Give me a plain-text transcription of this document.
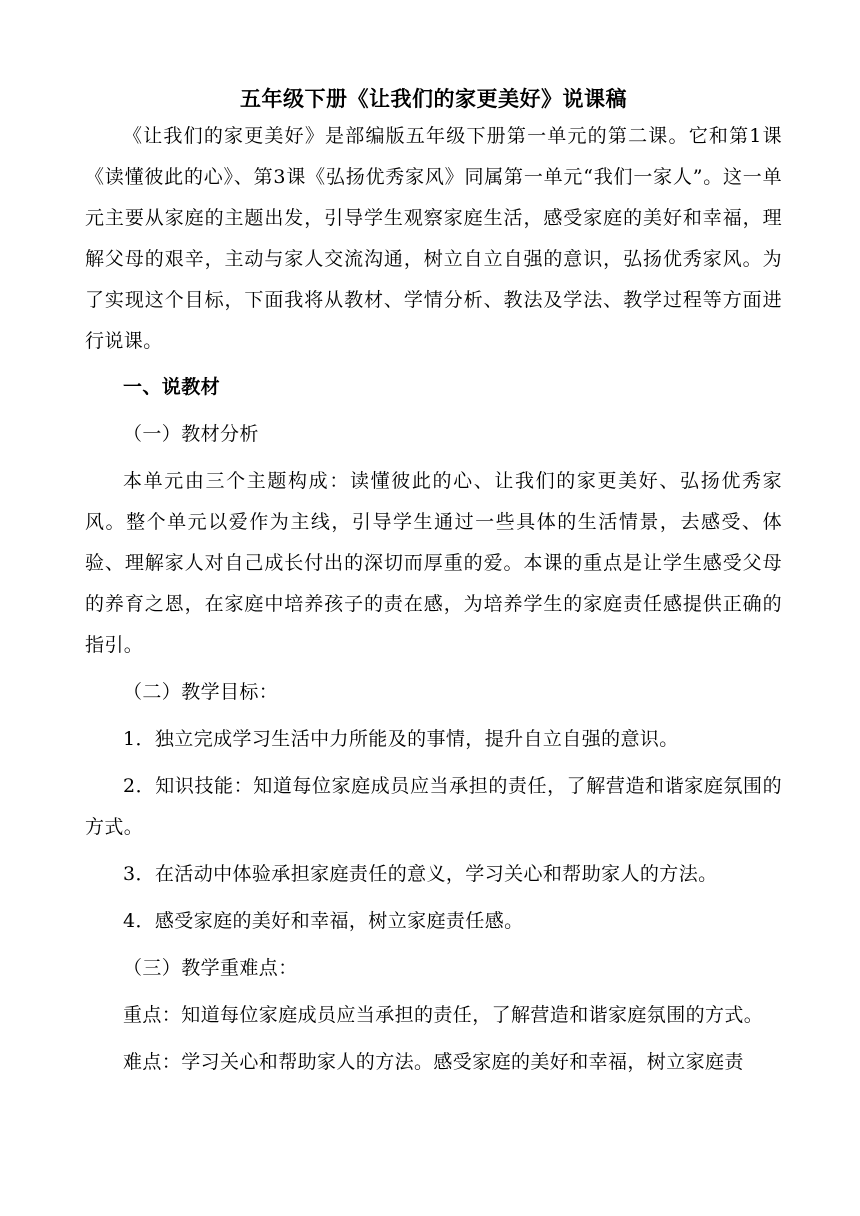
五年级下册《让我们的家更美好》说课稿

《让我们的家更美好》是部编版五年级下册第一单元的第二课。它和第1课《读懂彼此的心》、第3课《弘扬优秀家风》同属第一单元“我们一家人”。这一单元主要从家庭的主题出发，引导学生观察家庭生活，感受家庭的美好和幸福，理解父母的艰辛，主动与家人交流沟通，树立自立自强的意识，弘扬优秀家风。为了实现这个目标，下面我将从教材、学情分析、教法及学法、教学过程等方面进行说课。

一、说教材

（一）教材分析

本单元由三个主题构成：读懂彼此的心、让我们的家更美好、弘扬优秀家风。整个单元以爱作为主线，引导学生通过一些具体的生活情景，去感受、体验、理解家人对自己成长付出的深切而厚重的爱。本课的重点是让学生感受父母的养育之恩，在家庭中培养孩子的责在感，为培养学生的家庭责任感提供正确的指引。

（二）教学目标：

1．独立完成学习生活中力所能及的事情，提升自立自强的意识。

2．知识技能：知道每位家庭成员应当承担的责任，了解营造和谐家庭氛围的方式。

3．在活动中体验承担家庭责任的意义，学习关心和帮助家人的方法。

4．感受家庭的美好和幸福，树立家庭责任感。

（三）教学重难点：

重点：知道每位家庭成员应当承担的责任，了解营造和谐家庭氛围的方式。

难点：学习关心和帮助家人的方法。感受家庭的美好和幸福，树立家庭责
